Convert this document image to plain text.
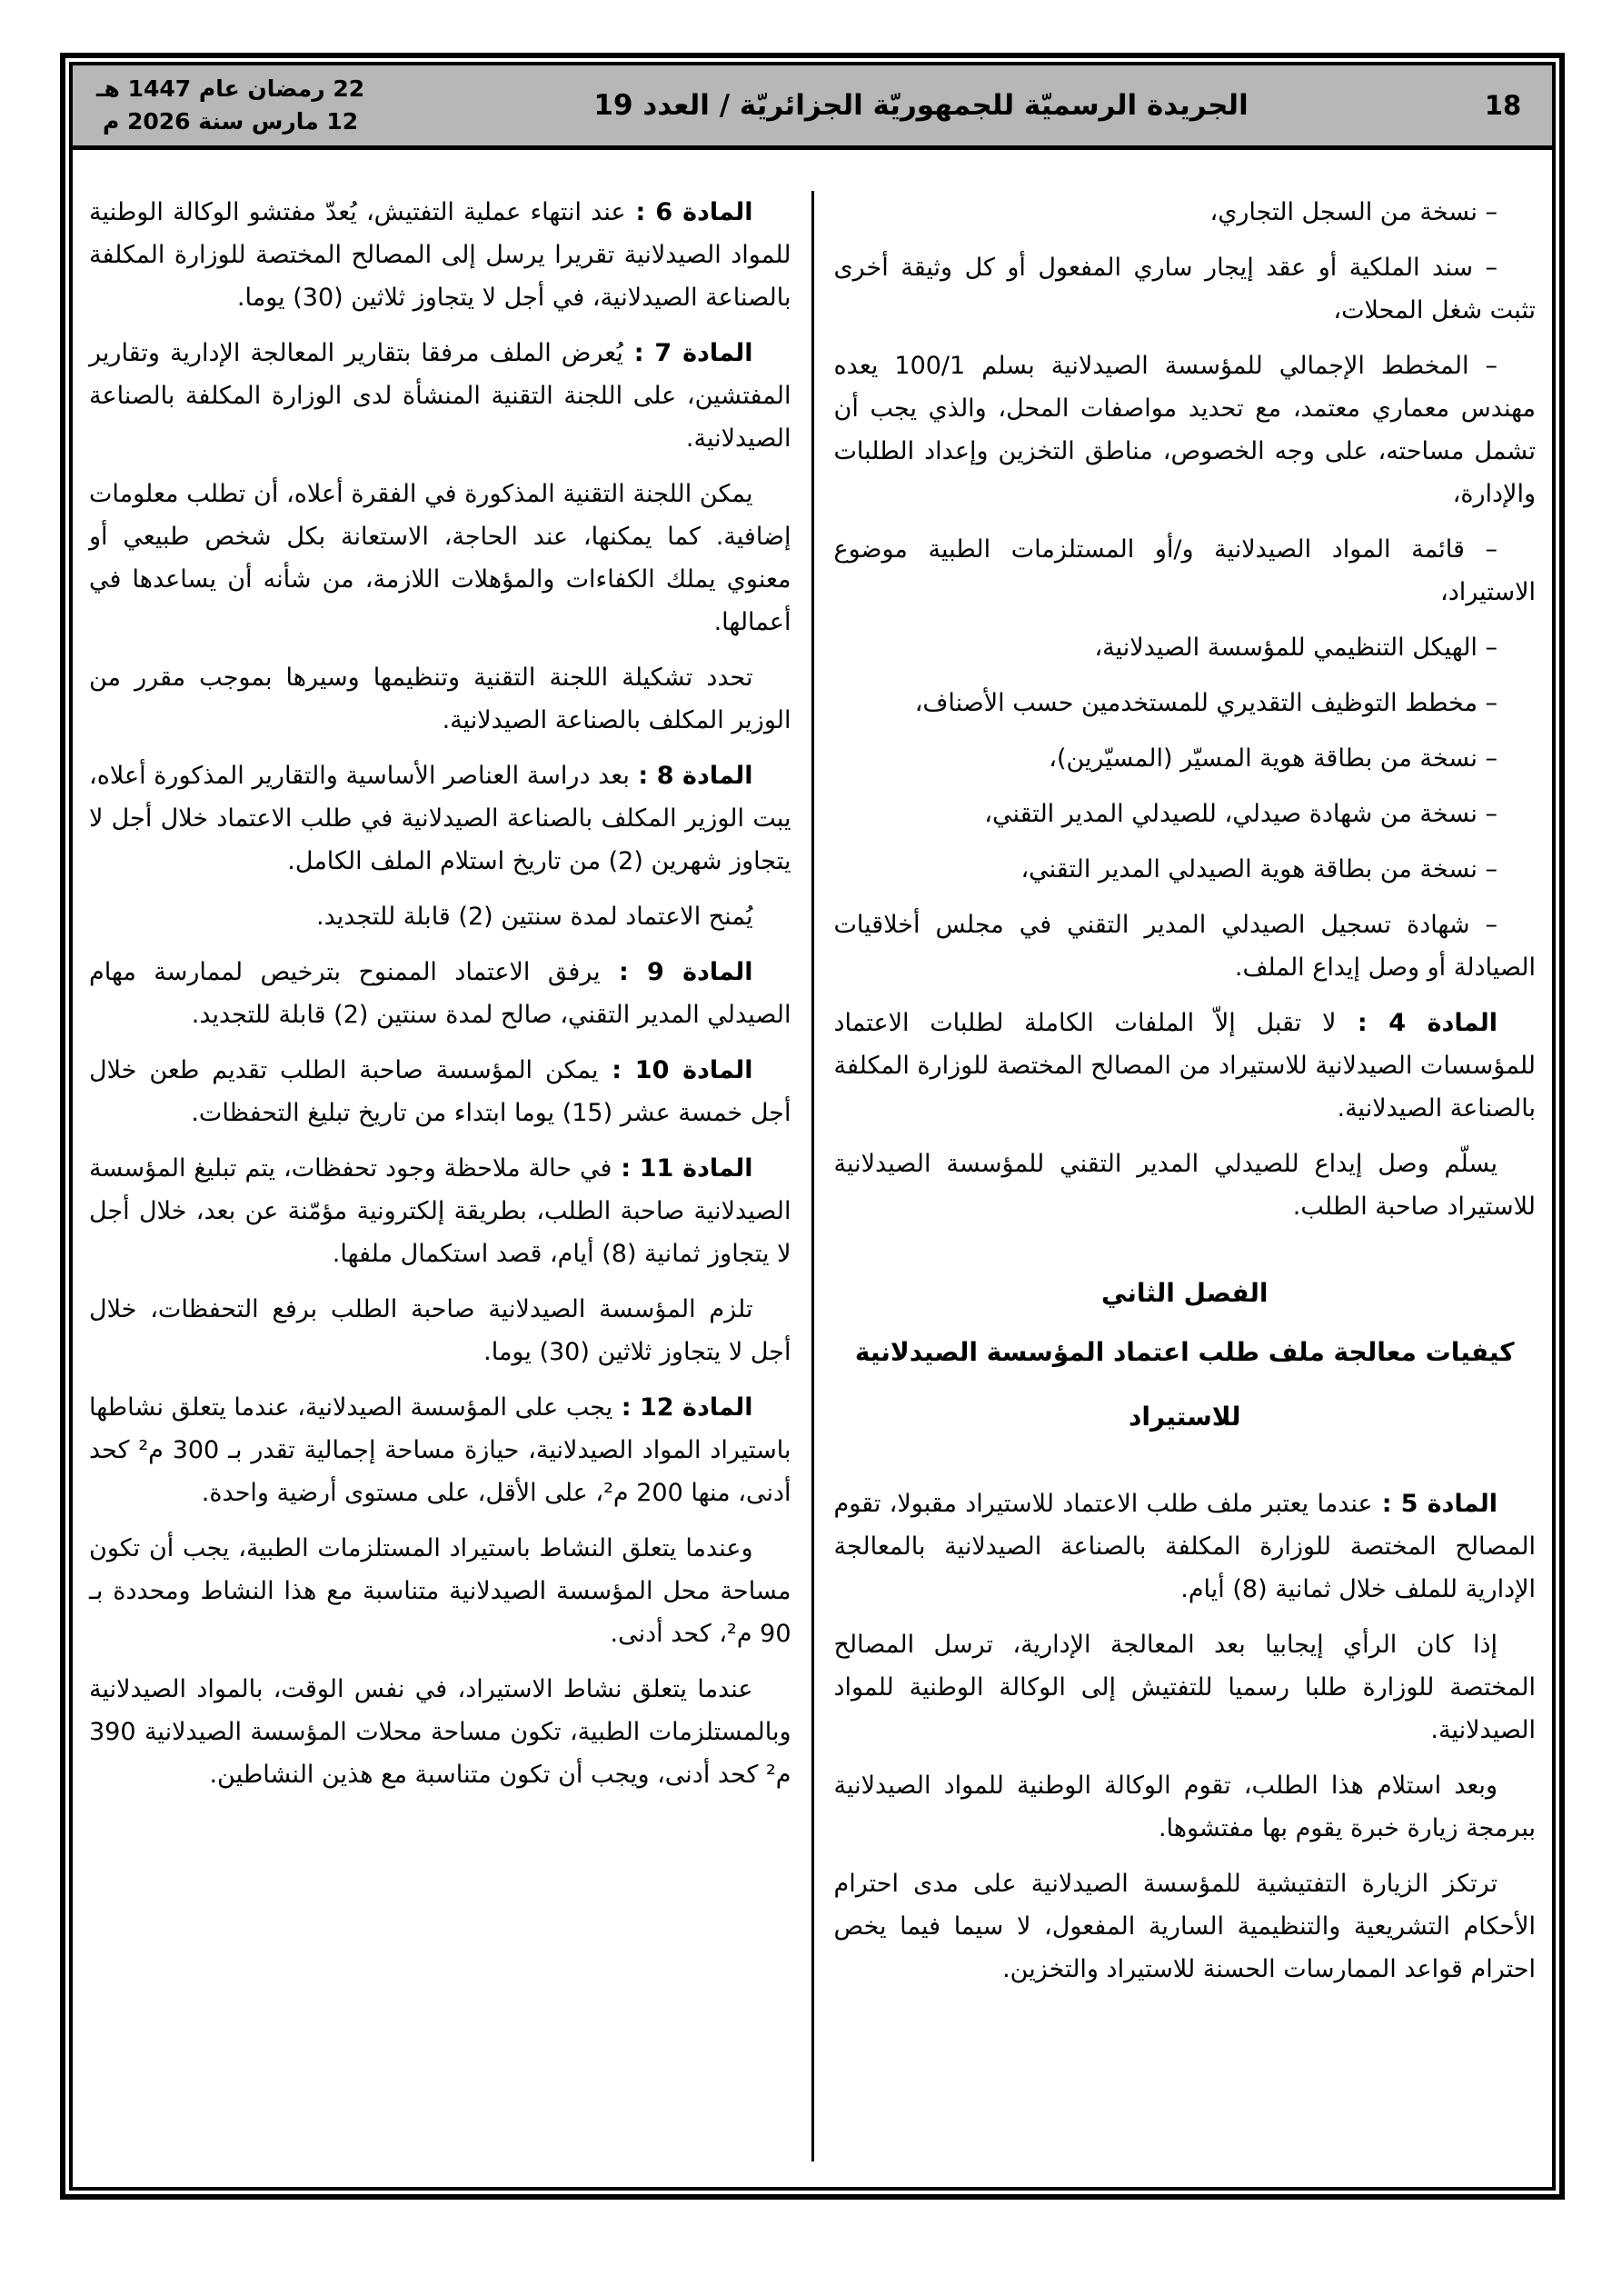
22 رمضان عام 1447 هـ
12 مارس سنة 2026 م	الجريدة الرسميّة للجمهوريّة الجزائريّة / العدد 19	18

– نسخة من السجل التجاري،

– سند الملكية أو عقد إيجار ساري المفعول أو كل وثيقة أخرى تثبت شغل المحلات،

– المخطط الإجمالي للمؤسسة الصيدلانية بسلم 100/1 يعده مهندس معماري معتمد، مع تحديد مواصفات المحل، والذي يجب أن تشمل مساحته، على وجه الخصوص، مناطق التخزين وإعداد الطلبات والإدارة،

– قائمة المواد الصيدلانية و/أو المستلزمات الطبية موضوع الاستيراد،

– الهيكل التنظيمي للمؤسسة الصيدلانية،

– مخطط التوظيف التقديري للمستخدمين حسب الأصناف،

– نسخة من بطاقة هوية المسيّر (المسيّرين)،

– نسخة من شهادة صيدلي، للصيدلي المدير التقني،

– نسخة من بطاقة هوية الصيدلي المدير التقني،

– شهادة تسجيل الصيدلي المدير التقني في مجلس أخلاقيات الصيادلة أو وصل إيداع الملف.

المادة 4 : لا تقبل إلاّ الملفات الكاملة لطلبات الاعتماد للمؤسسات الصيدلانية للاستيراد من المصالح المختصة للوزارة المكلفة بالصناعة الصيدلانية.

يسلّم وصل إيداع للصيدلي المدير التقني للمؤسسة الصيدلانية للاستيراد صاحبة الطلب.

الفصل الثاني

كيفيات معالجة ملف طلب اعتماد المؤسسة الصيدلانية للاستيراد

المادة 5 : عندما يعتبر ملف طلب الاعتماد للاستيراد مقبولا، تقوم المصالح المختصة للوزارة المكلفة بالصناعة الصيدلانية بالمعالجة الإدارية للملف خلال ثمانية (8) أيام.

إذا كان الرأي إيجابيا بعد المعالجة الإدارية، ترسل المصالح المختصة للوزارة طلبا رسميا للتفتيش إلى الوكالة الوطنية للمواد الصيدلانية.

وبعد استلام هذا الطلب، تقوم الوكالة الوطنية للمواد الصيدلانية ببرمجة زيارة خبرة يقوم بها مفتشوها.

ترتكز الزيارة التفتيشية للمؤسسة الصيدلانية على مدى احترام الأحكام التشريعية والتنظيمية السارية المفعول، لا سيما فيما يخص احترام قواعد الممارسات الحسنة للاستيراد والتخزين.

المادة 6 : عند انتهاء عملية التفتيش، يُعدّ مفتشو الوكالة الوطنية للمواد الصيدلانية تقريرا يرسل إلى المصالح المختصة للوزارة المكلفة بالصناعة الصيدلانية، في أجل لا يتجاوز ثلاثين (30) يوما.

المادة 7 : يُعرض الملف مرفقا بتقارير المعالجة الإدارية وتقارير المفتشين، على اللجنة التقنية المنشأة لدى الوزارة المكلفة بالصناعة الصيدلانية.

يمكن اللجنة التقنية المذكورة في الفقرة أعلاه، أن تطلب معلومات إضافية. كما يمكنها، عند الحاجة، الاستعانة بكل شخص طبيعي أو معنوي يملك الكفاءات والمؤهلات اللازمة، من شأنه أن يساعدها في أعمالها.

تحدد تشكيلة اللجنة التقنية وتنظيمها وسيرها بموجب مقرر من الوزير المكلف بالصناعة الصيدلانية.

المادة 8 : بعد دراسة العناصر الأساسية والتقارير المذكورة أعلاه، يبت الوزير المكلف بالصناعة الصيدلانية في طلب الاعتماد خلال أجل لا يتجاوز شهرين (2) من تاريخ استلام الملف الكامل.

يُمنح الاعتماد لمدة سنتين (2) قابلة للتجديد.

المادة 9 : يرفق الاعتماد الممنوح بترخيص لممارسة مهام الصيدلي المدير التقني، صالح لمدة سنتين (2) قابلة للتجديد.

المادة 10 : يمكن المؤسسة صاحبة الطلب تقديم طعن خلال أجل خمسة عشر (15) يوما ابتداء من تاريخ تبليغ التحفظات.

المادة 11 : في حالة ملاحظة وجود تحفظات، يتم تبليغ المؤسسة الصيدلانية صاحبة الطلب، بطريقة إلكترونية مؤمّنة عن بعد، خلال أجل لا يتجاوز ثمانية (8) أيام، قصد استكمال ملفها.

تلزم المؤسسة الصيدلانية صاحبة الطلب برفع التحفظات، خلال أجل لا يتجاوز ثلاثين (30) يوما.

المادة 12 : يجب على المؤسسة الصيدلانية، عندما يتعلق نشاطها باستيراد المواد الصيدلانية، حيازة مساحة إجمالية تقدر بـ 300 م² كحد أدنى، منها 200 م²، على الأقل، على مستوى أرضية واحدة.

وعندما يتعلق النشاط باستيراد المستلزمات الطبية، يجب أن تكون مساحة محل المؤسسة الصيدلانية متناسبة مع هذا النشاط ومحددة بـ 90 م²، كحد أدنى.

عندما يتعلق نشاط الاستيراد، في نفس الوقت، بالمواد الصيدلانية وبالمستلزمات الطبية، تكون مساحة محلات المؤسسة الصيدلانية 390 م² كحد أدنى، ويجب أن تكون متناسبة مع هذين النشاطين.
